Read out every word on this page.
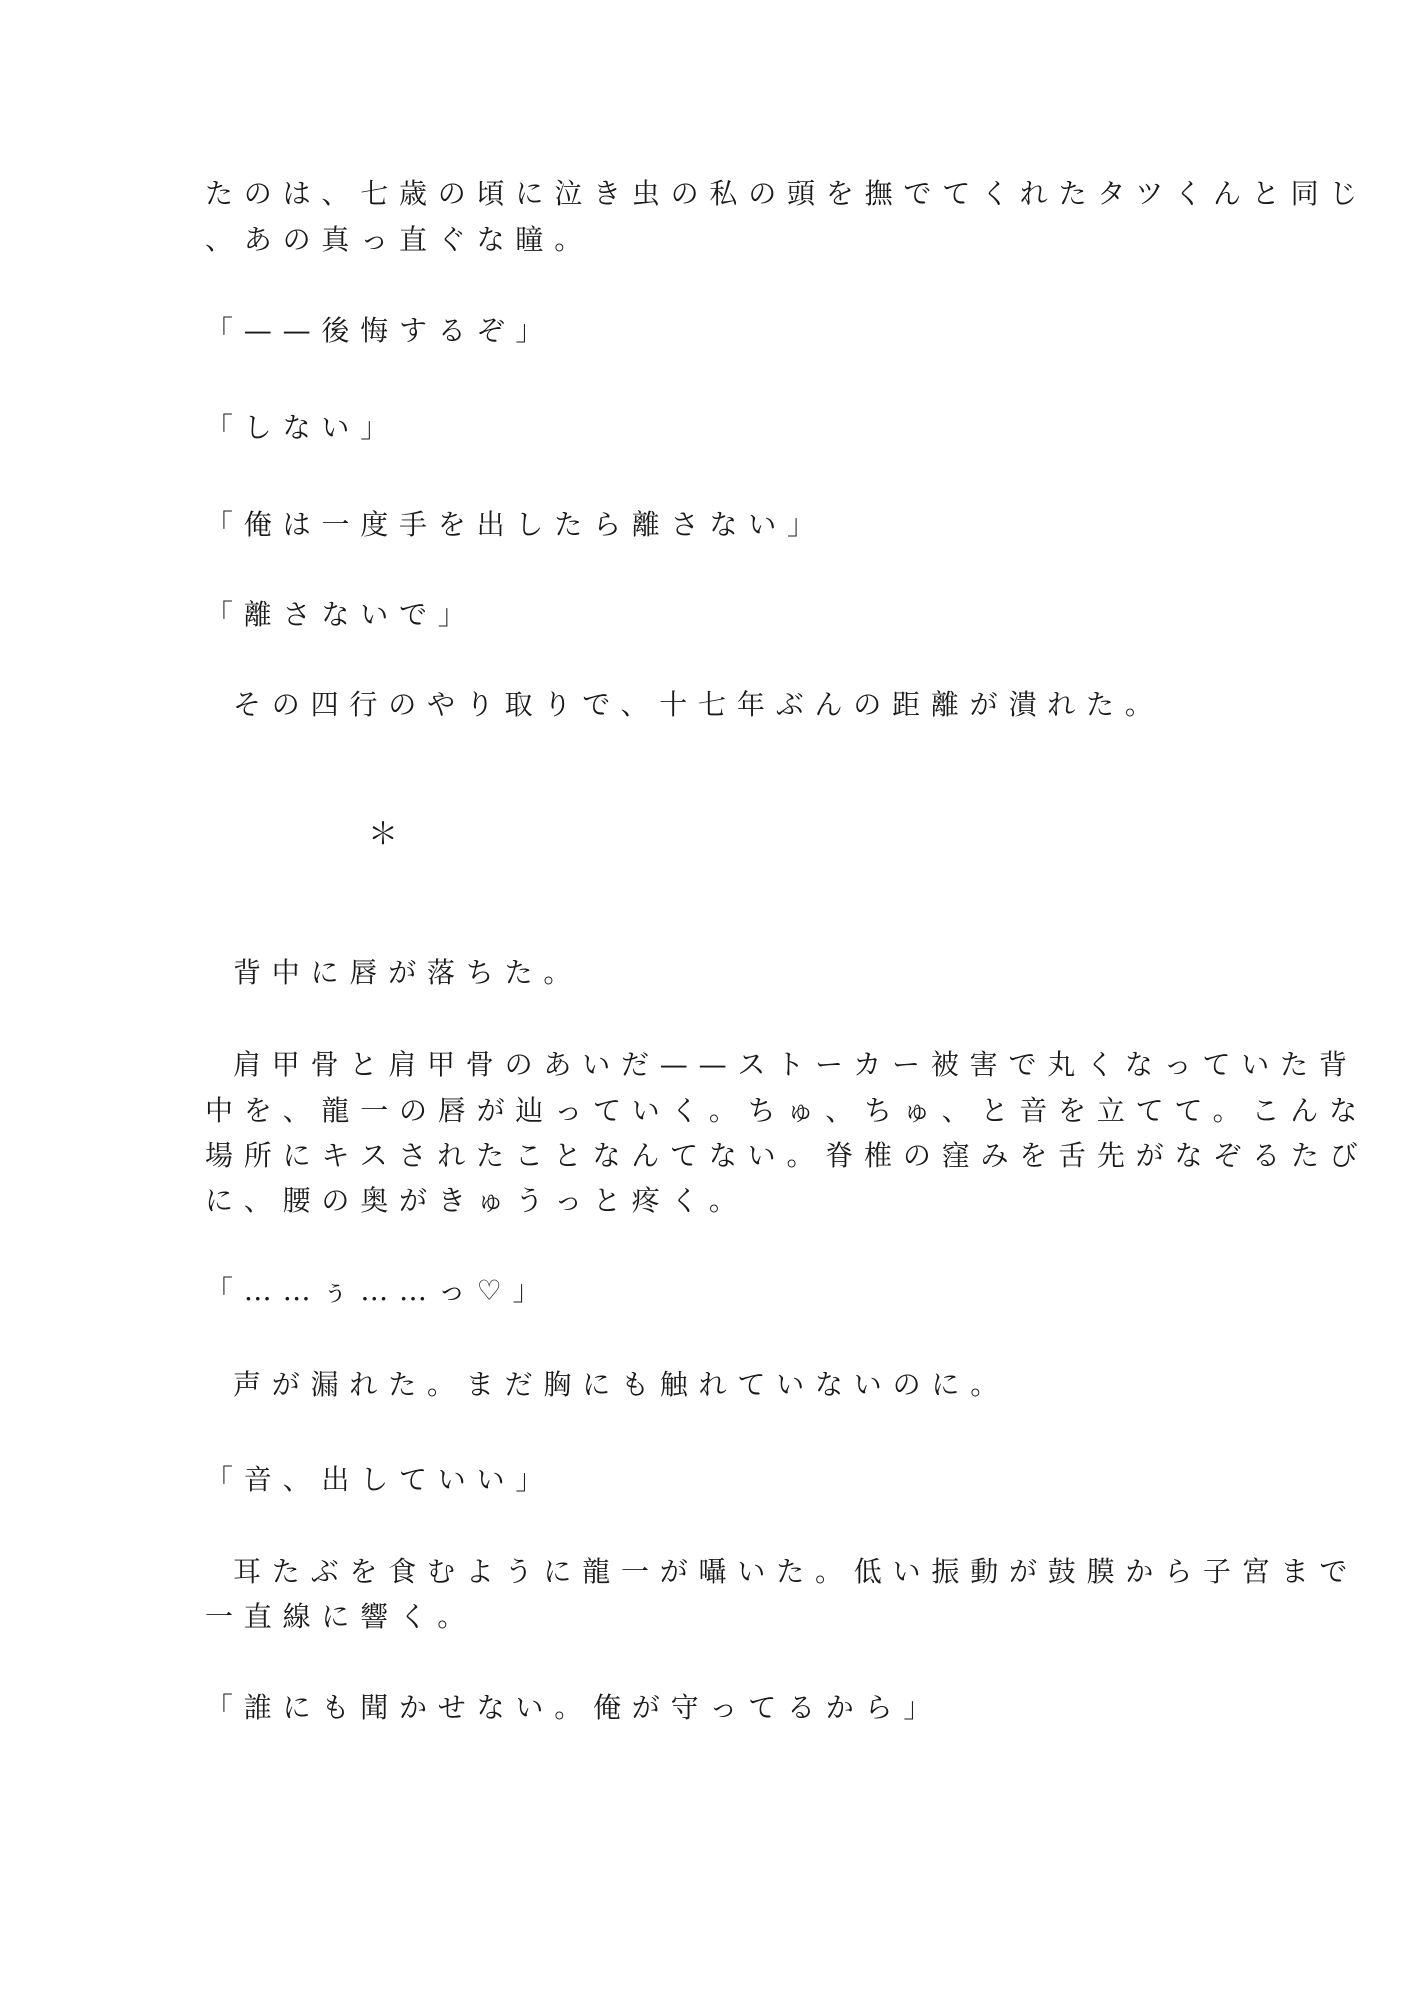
たのは、七歳の頃に泣き虫の私の頭を撫でてくれたタツくんと同じ
、あの真っ直ぐな瞳。
「——後悔するぞ」
「しない」
「俺は一度手を出したら離さない」
「離さないで」
その四行のやり取りで、十七年ぶんの距離が潰れた。
＊
背中に唇が落ちた。
肩甲骨と肩甲骨のあいだ——ストーカー被害で丸くなっていた背
中を、龍一の唇が辿っていく。ちゅ、ちゅ、と音を立てて。こんな
場所にキスされたことなんてない。脊椎の窪みを舌先がなぞるたび
に、腰の奥がきゅうっと疼く。
「……ぅ……っ♡」
声が漏れた。まだ胸にも触れていないのに。
「音、出していい」
耳たぶを食むように龍一が囁いた。低い振動が鼓膜から子宮まで
一直線に響く。
「誰にも聞かせない。俺が守ってるから」
